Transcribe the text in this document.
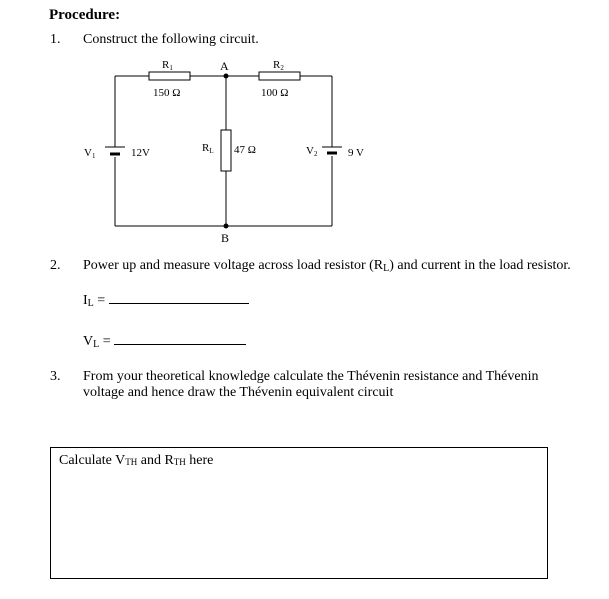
Procedure:
1. Construct the following circuit.
R1
150 Ω
A	R2
100 Ω
V1	12V	RL 47 Ω	V2	9 V
B
2. Power up and measure voltage across load resistor $(R_L)$ and current in the load resistor.
$I_L$ =
$V_L$ =
3. From your theoretical knowledge calculate the Thévenin resistance and Thévenin
voltage and hence draw the Thévenin equivalent circuit
Calculate $V_{TH}$ and $R_{TH}$ here
